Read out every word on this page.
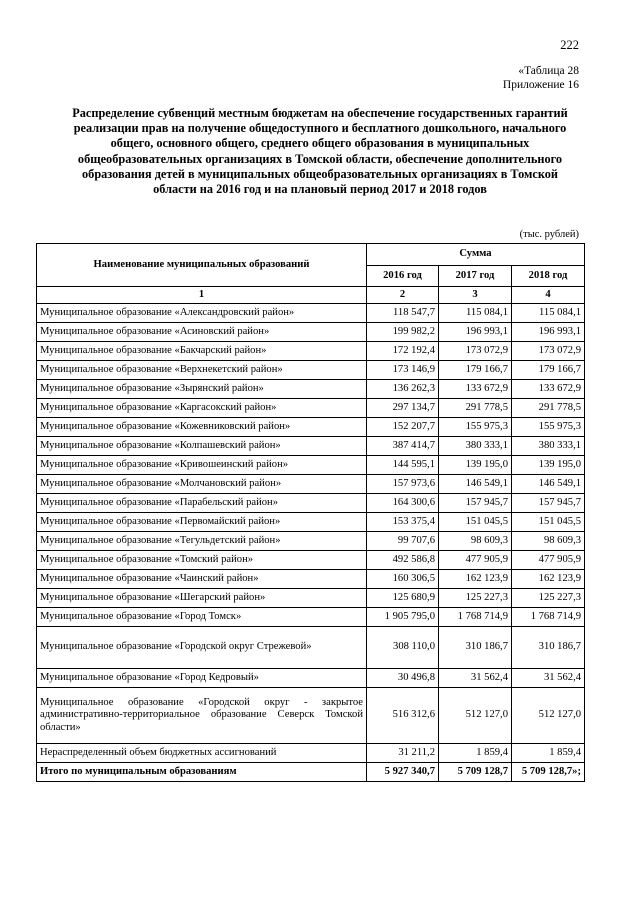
222
«Таблица 28
Приложение 16
Распределение субвенций местным бюджетам на обеспечение государственных гарантий реализации прав на получение общедоступного и бесплатного дошкольного, начального общего, основного общего, среднего общего образования в муниципальных общеобразовательных организациях в Томской области, обеспечение дополнительного образования детей в муниципальных общеобразовательных организациях в Томской области на 2016 год и на плановый период 2017 и 2018 годов
(тыс. рублей)
Наименование муниципальных образований	Сумма		
	2016 год	2017 год	2018 год
1	2	3	4
Муниципальное образование «Александровский район»	118 547,7	115 084,1	115 084,1
Муниципальное образование «Асиновский район»	199 982,2	196 993,1	196 993,1
Муниципальное образование «Бакчарский район»	172 192,4	173 072,9	173 072,9
Муниципальное образование «Верхнекетский район»	173 146,9	179 166,7	179 166,7
Муниципальное образование «Зырянский район»	136 262,3	133 672,9	133 672,9
Муниципальное образование «Каргасокский район»	297 134,7	291 778,5	291 778,5
Муниципальное образование «Кожевниковский район»	152 207,7	155 975,3	155 975,3
Муниципальное образование «Колпашевский район»	387 414,7	380 333,1	380 333,1
Муниципальное образование «Кривошеинский район»	144 595,1	139 195,0	139 195,0
Муниципальное образование «Молчановский район»	157 973,6	146 549,1	146 549,1
Муниципальное образование «Парабельский район»	164 300,6	157 945,7	157 945,7
Муниципальное образование «Первомайский район»	153 375,4	151 045,5	151 045,5
Муниципальное образование «Тегульдетский район»	99 707,6	98 609,3	98 609,3
Муниципальное образование «Томский район»	492 586,8	477 905,9	477 905,9
Муниципальное образование «Чаинский район»	160 306,5	162 123,9	162 123,9
Муниципальное образование «Шегарский район»	125 680,9	125 227,3	125 227,3
Муниципальное образование «Город Томск»	1 905 795,0	1 768 714,9	1 768 714,9
Муниципальное образование «Городской округ Стрежевой»	308 110,0	310 186,7	310 186,7
Муниципальное образование «Город Кедровый»	30 496,8	31 562,4	31 562,4
Муниципальное образование «Городской округ - закрытое административно-территориальное образование Северск Томской области»	516 312,6	512 127,0	512 127,0
Нераспределенный объем бюджетных ассигнований	31 211,2	1 859,4	1 859,4
Итого по муниципальным образованиям	5 927 340,7	5 709 128,7	5 709 128,7»;
